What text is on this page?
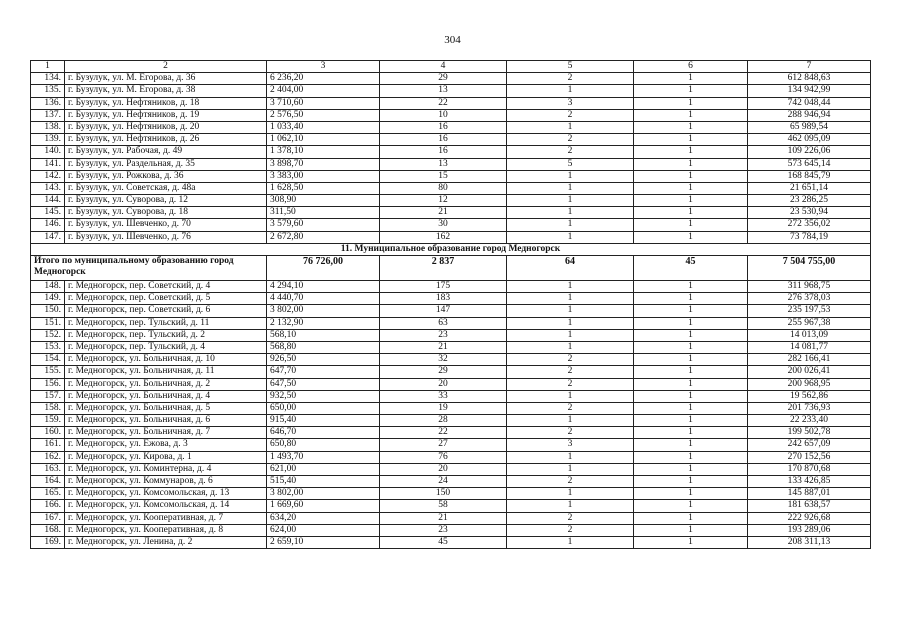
304
1	2	3	4	5	6	7
134.	г. Бузулук, ул. М. Егорова, д. 36	6 236,20	29	2	1	612 848,63
135.	г. Бузулук, ул. М. Егорова, д. 38	2 404,00	13	1	1	134 942,99
136.	г. Бузулук, ул. Нефтяников, д. 18	3 710,60	22	3	1	742 048,44
137.	г. Бузулук, ул. Нефтяников, д. 19	2 576,50	10	2	1	288 946,94
138.	г. Бузулук, ул. Нефтяников, д. 20	1 033,40	16	1	1	65 989,54
139.	г. Бузулук, ул. Нефтяников, д. 26	1 062,10	16	2	1	462 095,09
140.	г. Бузулук, ул. Рабочая, д. 49	1 378,10	16	2	1	109 226,06
141.	г. Бузулук, ул. Раздельная, д. 35	3 898,70	13	5	1	573 645,14
142.	г. Бузулук, ул. Рожкова, д. 36	3 383,00	15	1	1	168 845,79
143.	г. Бузулук, ул. Советская, д. 48а	1 628,50	80	1	1	21 651,14
144.	г. Бузулук, ул. Суворова, д. 12	308,90	12	1	1	23 286,25
145.	г. Бузулук, ул. Суворова, д. 18	311,50	21	1	1	23 530,94
146.	г. Бузулук, ул. Шевченко, д. 70	3 579,60	30	1	1	272 356,02
147.	г. Бузулук, ул. Шевченко, д. 76	2 672,80	162	1	1	73 784,19
11. Муниципальное образование город Медногорск						
Итого по муниципальному образованию город Медногорск		76 726,00	2 837	64	45	7 504 755,00
148.	г. Медногорск, пер. Советский, д. 4	4 294,10	175	1	1	311 968,75
149.	г. Медногорск, пер. Советский, д. 5	4 440,70	183	1	1	276 378,03
150.	г. Медногорск, пер. Советский, д. 6	3 802,00	147	1	1	235 197,53
151.	г. Медногорск, пер. Тульский, д. 11	2 132,90	63	1	1	255 967,38
152.	г. Медногорск, пер. Тульский, д. 2	568,10	23	1	1	14 013,09
153.	г. Медногорск, пер. Тульский, д. 4	568,80	21	1	1	14 081,77
154.	г. Медногорск, ул. Больничная, д. 10	926,50	32	2	1	282 166,41
155.	г. Медногорск, ул. Больничная, д. 11	647,70	29	2	1	200 026,41
156.	г. Медногорск, ул. Больничная, д. 2	647,50	20	2	1	200 968,95
157.	г. Медногорск, ул. Больничная, д. 4	932,50	33	1	1	19 562,86
158.	г. Медногорск, ул. Больничная, д. 5	650,00	19	2	1	201 736,93
159.	г. Медногорск, ул. Больничная, д. 6	915,40	28	1	1	22 233,40
160.	г. Медногорск, ул. Больничная, д. 7	646,70	22	2	1	199 502,78
161.	г. Медногорск, ул. Ежова, д. 3	650,80	27	3	1	242 657,09
162.	г. Медногорск, ул. Кирова, д. 1	1 493,70	76	1	1	270 152,56
163.	г. Медногорск, ул. Коминтерна, д. 4	621,00	20	1	1	170 870,68
164.	г. Медногорск, ул. Коммунаров, д. 6	515,40	24	2	1	133 426,85
165.	г. Медногорск, ул. Комсомольская, д. 13	3 802,00	150	1	1	145 887,01
166.	г. Медногорск, ул. Комсомольская, д. 14	1 669,60	58	1	1	181 638,57
167.	г. Медногорск, ул. Кооперативная, д. 7	634,20	21	2	1	222 926,68
168.	г. Медногорск, ул. Кооперативная, д. 8	624,00	23	2	1	193 289,06
169.	г. Медногорск, ул. Ленина, д. 2	2 659,10	45	1	1	208 311,13
